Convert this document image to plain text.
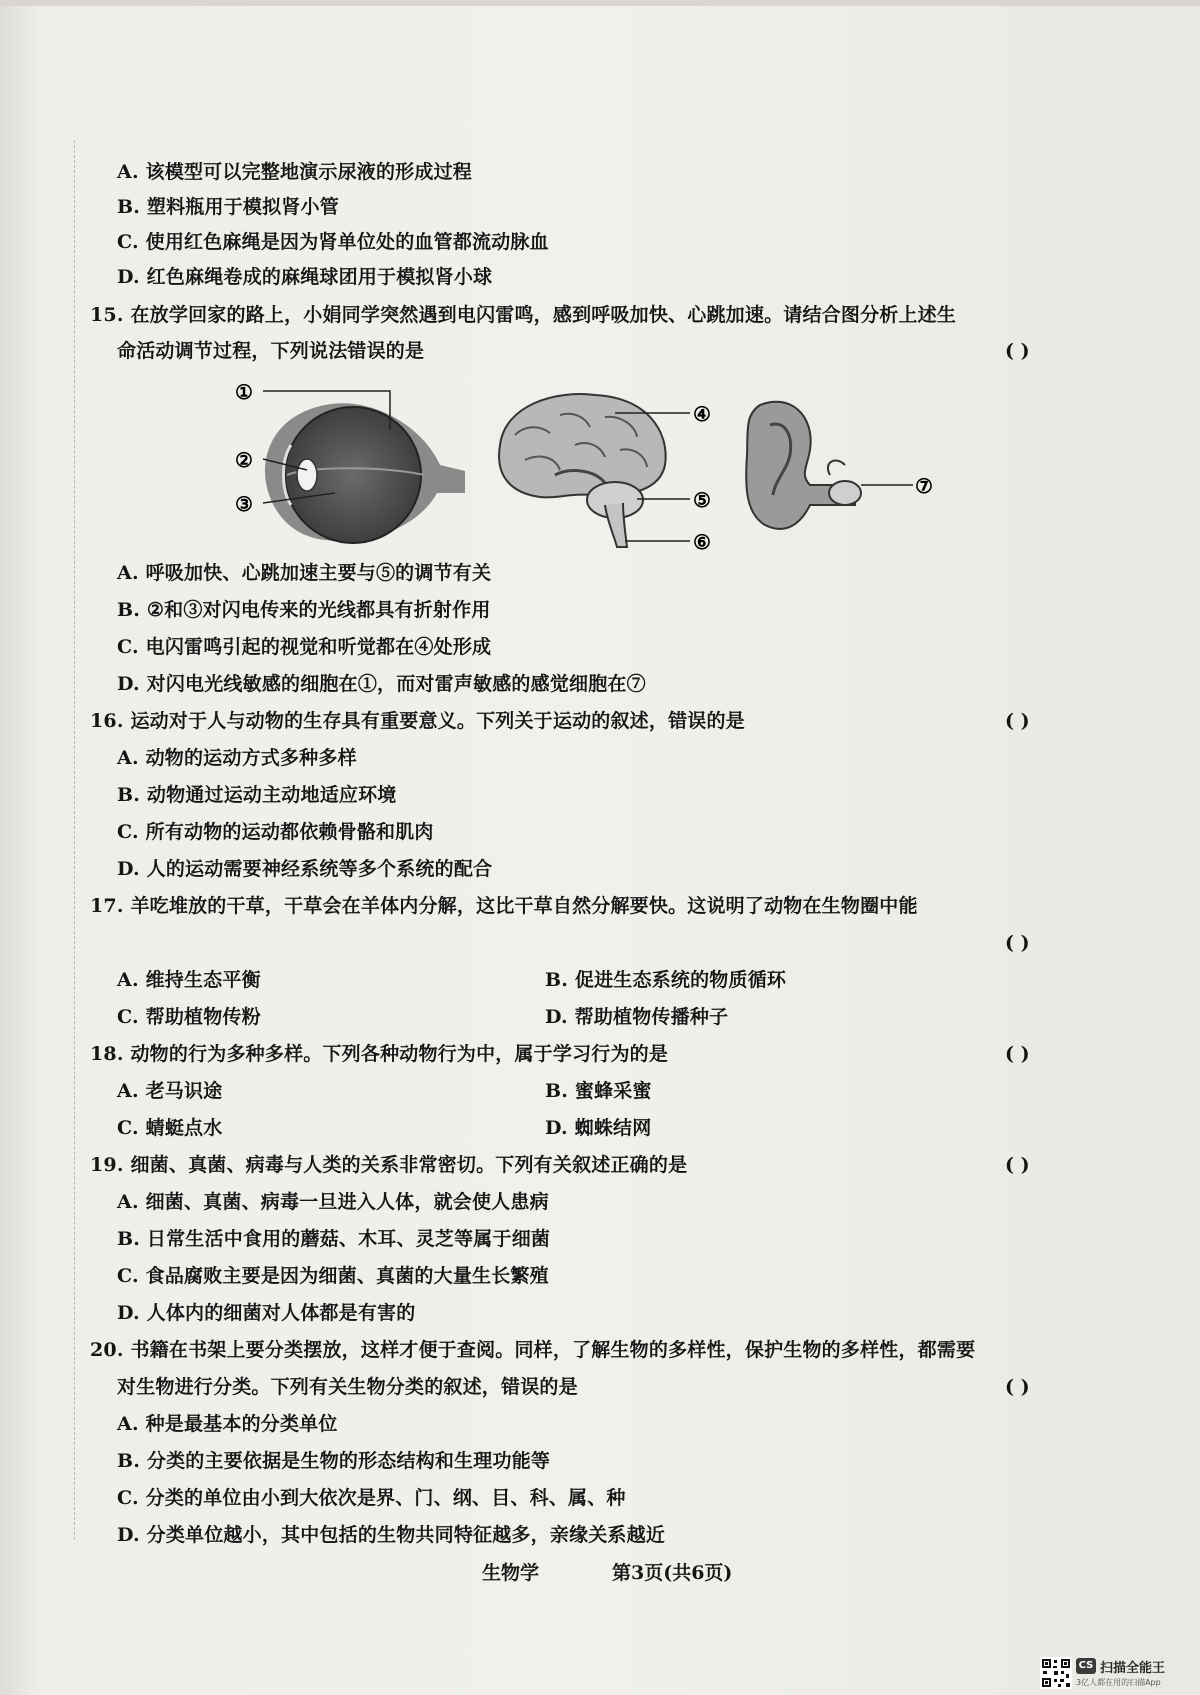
A. 该模型可以完整地演示尿液的形成过程
B. 塑料瓶用于模拟肾小管
C. 使用红色麻绳是因为肾单位处的血管都流动脉血
D. 红色麻绳卷成的麻绳球团用于模拟肾小球
15. 在放学回家的路上，小娟同学突然遇到电闪雷鸣，感到呼吸加快、心跳加速。请结合图分析上述生
命活动调节过程，下列说法错误的是	( )
①
②
③
④
⑤
⑥
⑦
A. 呼吸加快、心跳加速主要与⑤的调节有关
B. ②和③对闪电传来的光线都具有折射作用
C. 电闪雷鸣引起的视觉和听觉都在④处形成
D. 对闪电光线敏感的细胞在①，而对雷声敏感的感觉细胞在⑦
16. 运动对于人与动物的生存具有重要意义。下列关于运动的叙述，错误的是	( )
A. 动物的运动方式多种多样
B. 动物通过运动主动地适应环境
C. 所有动物的运动都依赖骨骼和肌肉
D. 人的运动需要神经系统等多个系统的配合
17. 羊吃堆放的干草，干草会在羊体内分解，这比干草自然分解要快。这说明了动物在生物圈中能
( )
A. 维持生态平衡	B. 促进生态系统的物质循环
C. 帮助植物传粉	D. 帮助植物传播种子
18. 动物的行为多种多样。下列各种动物行为中，属于学习行为的是	( )
A. 老马识途	B. 蜜蜂采蜜
C. 蜻蜓点水	D. 蜘蛛结网
19. 细菌、真菌、病毒与人类的关系非常密切。下列有关叙述正确的是	( )
A. 细菌、真菌、病毒一旦进入人体，就会使人患病
B. 日常生活中食用的蘑菇、木耳、灵芝等属于细菌
C. 食品腐败主要是因为细菌、真菌的大量生长繁殖
D. 人体内的细菌对人体都是有害的
20. 书籍在书架上要分类摆放，这样才便于查阅。同样，了解生物的多样性，保护生物的多样性，都需要
对生物进行分类。下列有关生物分类的叙述，错误的是	( )
A. 种是最基本的分类单位
B. 分类的主要依据是生物的形态结构和生理功能等
C. 分类的单位由小到大依次是界、门、纲、目、科、属、种
D. 分类单位越小，其中包括的生物共同特征越多，亲缘关系越近
生物学	第3页(共6页)
CS 扫描全能王
3亿人都在用的扫描App
